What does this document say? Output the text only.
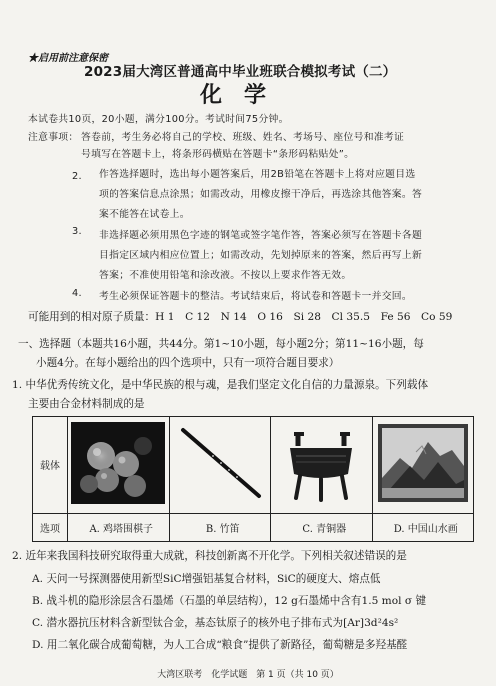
★启用前注意保密
2023届大湾区普通高中毕业班联合模拟考试（二）
化学
本试卷共10页，20小题，满分100分。考试时间75分钟。
注意事项： 答卷前，考生务必将自己的学校、班级、姓名、考场号、座位号和准考证
号填写在答题卡上，将条形码横贴在答题卡“条形码粘贴处”。
2. 作答选择题时，选出每小题答案后，用2B铅笔在答题卡上将对应题目选
项的答案信息点涂黑；如需改动，用橡皮擦干净后，再选涂其他答案。答
案不能答在试卷上。
3. 非选择题必须用黑色字迹的钢笔或签字笔作答，答案必须写在答题卡各题
目指定区域内相应位置上；如需改动，先划掉原来的答案，然后再写上新
答案；不准使用铅笔和涂改液。不按以上要求作答无效。
4. 考生必须保证答题卡的整洁。考试结束后，将试卷和答题卡一并交回。
可能用到的相对原子质量：H 1　C 12　N 14　O 16　Si 28　Cl 35.5　Fe 56　Co 59
一、选择题（本题共16小题，共44分。第1~10小题，每小题2分；第11~16小题，每
小题4分。在每小题给出的四个选项中，只有一项符合题目要求）
1. 中华优秀传统文化，是中华民族的根与魂，是我们坚定文化自信的力量源泉。下列载体
主要由合金材料制成的是
载体				
选项	A. 鸡塔围棋子	B. 竹笛	C. 青铜器	D. 中国山水画
2. 近年来我国科技研究取得重大成就，科技创新离不开化学。下列相关叙述错误的是
A. 天问一号探测器使用新型SiC增强铝基复合材料，SiC的硬度大、熔点低
B. 战斗机的隐形涂层含石墨烯（石墨的单层结构），12 g石墨烯中含有1.5 mol σ 键
C. 潜水器抗压材料含新型钛合金，基态钛原子的核外电子排布式为[Ar]3d²4s²
D. 用二氧化碳合成葡萄糖，为人工合成“粮食”提供了新路径，葡萄糖是多羟基醛
大湾区联考　化学试题　第 1 页（共 10 页）
